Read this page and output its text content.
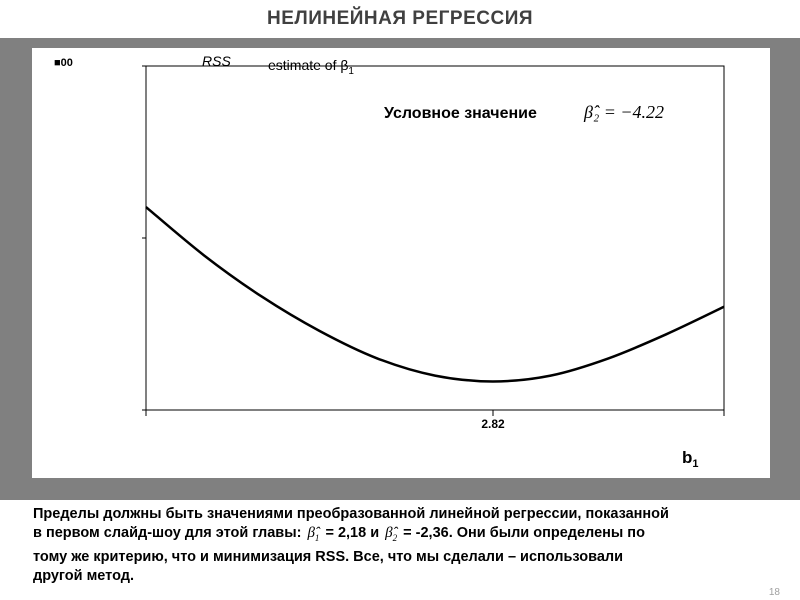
НЕЛИНЕЙНАЯ РЕГРЕССИЯ
■00	RSS	estimate of $\beta_1$
Условное значение	β̂₂ = −4.22
2.82
$b_1$
Пределы должны быть значениями преобразованной линейной регрессии, показанной
в первом слайд-шоу для этой главы: $\betâ_1 = 2,18$ и $\betâ_2 = -2,36$. Они были определены по
тому же критерию, что и минимизация RSS. Все, что мы сделали – использовали
другой метод.
18
